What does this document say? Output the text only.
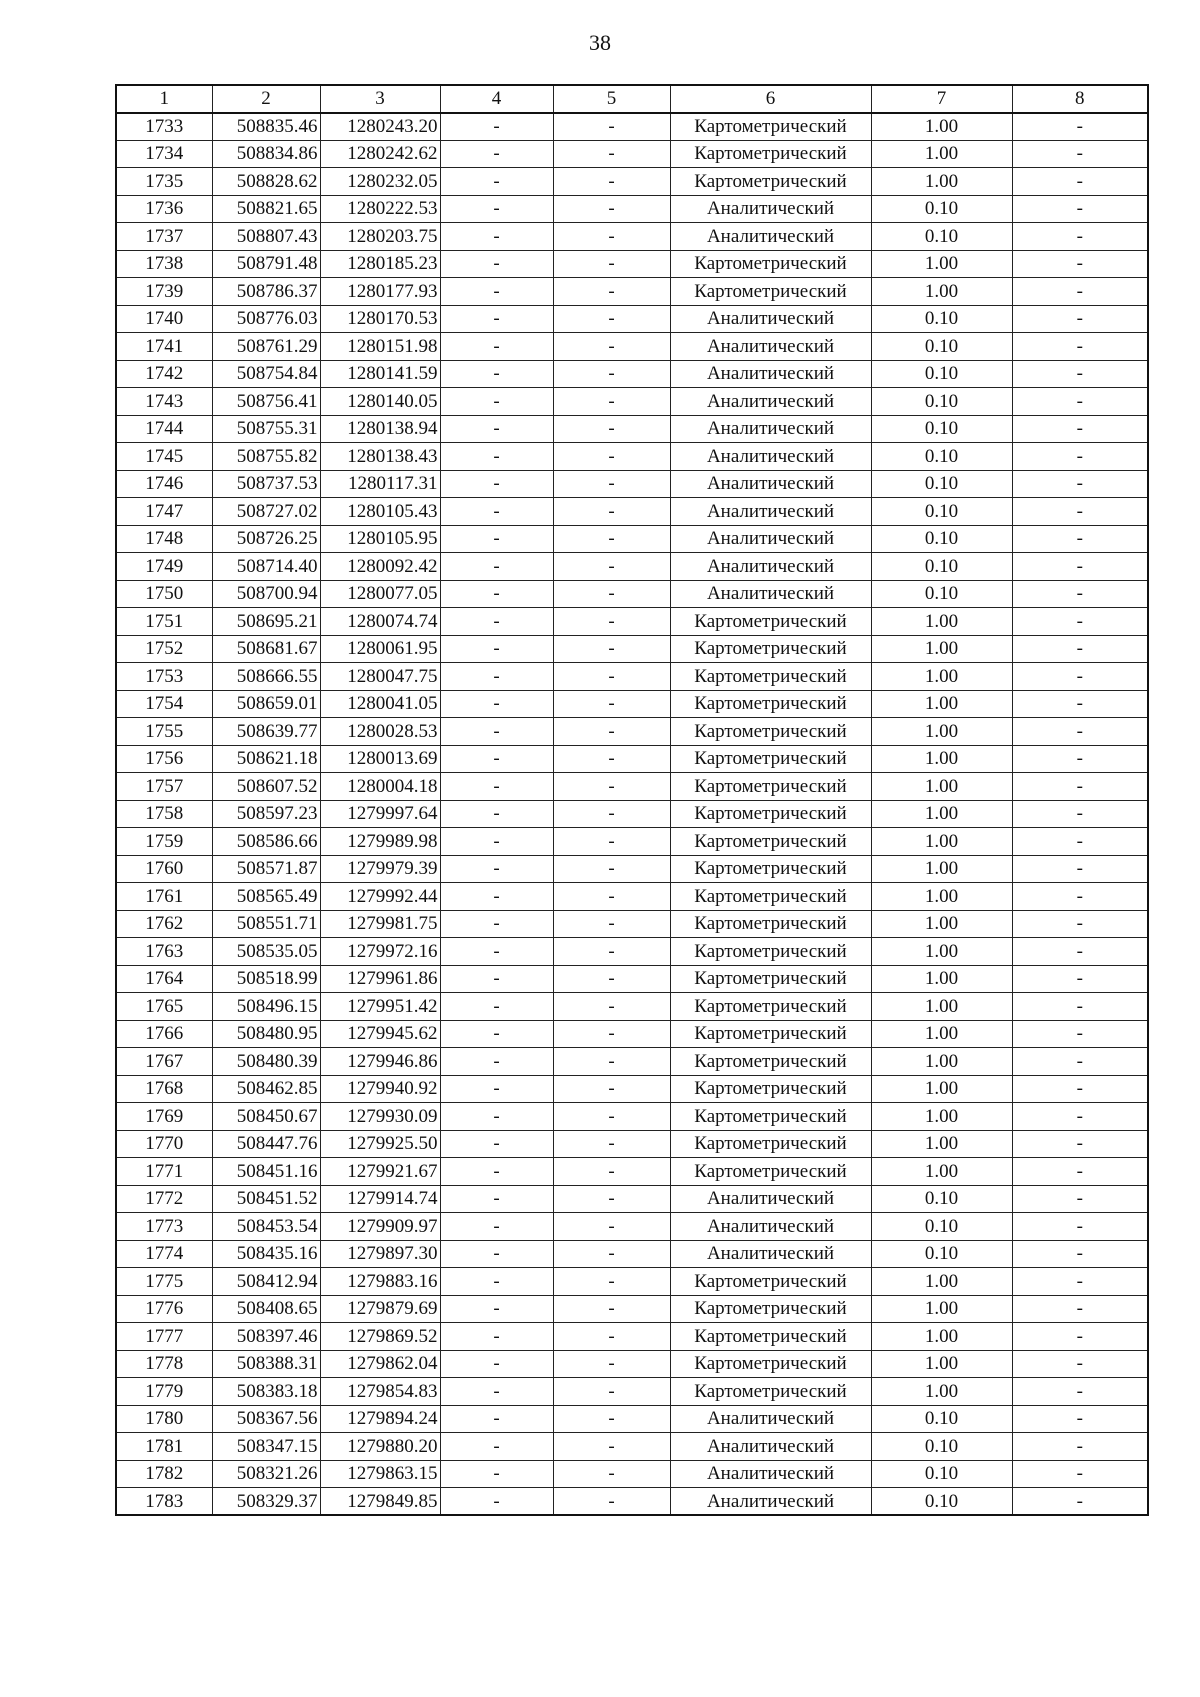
38
1	2	3	4	5	6	7	8
1733	508835.46	1280243.20	-	-	Картометрический	1.00	-
1734	508834.86	1280242.62	-	-	Картометрический	1.00	-
1735	508828.62	1280232.05	-	-	Картометрический	1.00	-
1736	508821.65	1280222.53	-	-	Аналитический	0.10	-
1737	508807.43	1280203.75	-	-	Аналитический	0.10	-
1738	508791.48	1280185.23	-	-	Картометрический	1.00	-
1739	508786.37	1280177.93	-	-	Картометрический	1.00	-
1740	508776.03	1280170.53	-	-	Аналитический	0.10	-
1741	508761.29	1280151.98	-	-	Аналитический	0.10	-
1742	508754.84	1280141.59	-	-	Аналитический	0.10	-
1743	508756.41	1280140.05	-	-	Аналитический	0.10	-
1744	508755.31	1280138.94	-	-	Аналитический	0.10	-
1745	508755.82	1280138.43	-	-	Аналитический	0.10	-
1746	508737.53	1280117.31	-	-	Аналитический	0.10	-
1747	508727.02	1280105.43	-	-	Аналитический	0.10	-
1748	508726.25	1280105.95	-	-	Аналитический	0.10	-
1749	508714.40	1280092.42	-	-	Аналитический	0.10	-
1750	508700.94	1280077.05	-	-	Аналитический	0.10	-
1751	508695.21	1280074.74	-	-	Картометрический	1.00	-
1752	508681.67	1280061.95	-	-	Картометрический	1.00	-
1753	508666.55	1280047.75	-	-	Картометрический	1.00	-
1754	508659.01	1280041.05	-	-	Картометрический	1.00	-
1755	508639.77	1280028.53	-	-	Картометрический	1.00	-
1756	508621.18	1280013.69	-	-	Картометрический	1.00	-
1757	508607.52	1280004.18	-	-	Картометрический	1.00	-
1758	508597.23	1279997.64	-	-	Картометрический	1.00	-
1759	508586.66	1279989.98	-	-	Картометрический	1.00	-
1760	508571.87	1279979.39	-	-	Картометрический	1.00	-
1761	508565.49	1279992.44	-	-	Картометрический	1.00	-
1762	508551.71	1279981.75	-	-	Картометрический	1.00	-
1763	508535.05	1279972.16	-	-	Картометрический	1.00	-
1764	508518.99	1279961.86	-	-	Картометрический	1.00	-
1765	508496.15	1279951.42	-	-	Картометрический	1.00	-
1766	508480.95	1279945.62	-	-	Картометрический	1.00	-
1767	508480.39	1279946.86	-	-	Картометрический	1.00	-
1768	508462.85	1279940.92	-	-	Картометрический	1.00	-
1769	508450.67	1279930.09	-	-	Картометрический	1.00	-
1770	508447.76	1279925.50	-	-	Картометрический	1.00	-
1771	508451.16	1279921.67	-	-	Картометрический	1.00	-
1772	508451.52	1279914.74	-	-	Аналитический	0.10	-
1773	508453.54	1279909.97	-	-	Аналитический	0.10	-
1774	508435.16	1279897.30	-	-	Аналитический	0.10	-
1775	508412.94	1279883.16	-	-	Картометрический	1.00	-
1776	508408.65	1279879.69	-	-	Картометрический	1.00	-
1777	508397.46	1279869.52	-	-	Картометрический	1.00	-
1778	508388.31	1279862.04	-	-	Картометрический	1.00	-
1779	508383.18	1279854.83	-	-	Картометрический	1.00	-
1780	508367.56	1279894.24	-	-	Аналитический	0.10	-
1781	508347.15	1279880.20	-	-	Аналитический	0.10	-
1782	508321.26	1279863.15	-	-	Аналитический	0.10	-
1783	508329.37	1279849.85	-	-	Аналитический	0.10	-
